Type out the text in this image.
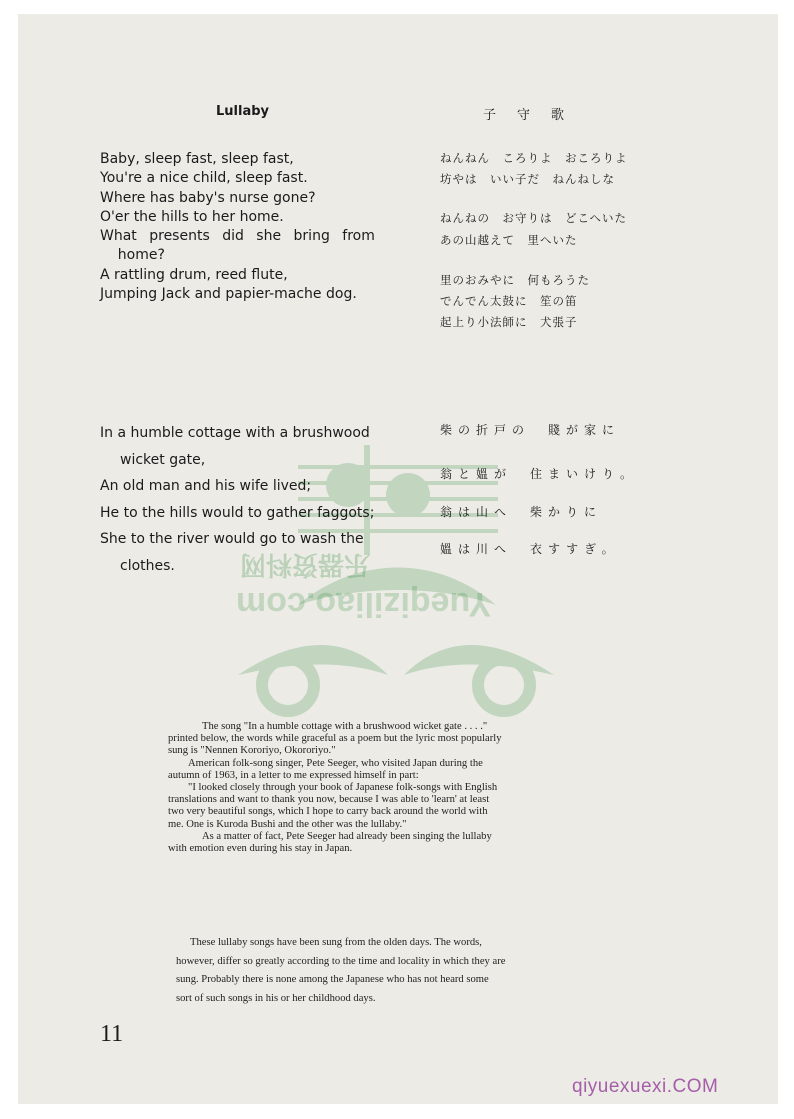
Lullaby	子　守　歌
Baby, sleep fast, sleep fast,
You're a nice child, sleep fast.
Where has baby's nurse gone?
O'er the hills to her home.
What presents did she bring from
home?
A rattling drum, reed flute,
Jumping Jack and papier-mache dog.
ねんねん　ころりよ　おころりよ
坊やは　いい子だ　ねんねしな
ねんねの　お守りは　どこへいた
あの山越えて　里へいた
里のおみやに　何もろうた
でんでん太鼓に　笙の笛
起上り小法師に　犬張子
乐器资料网
Yueqiziliao.com
In a humble cottage with a brushwood
wicket gate,
An old man and his wife lived;
He to the hills would to gather faggots;
She to the river would go to wash the
clothes.
柴の折戸の　賤が家に
翁と媼が　住まいけり。
翁は山へ　柴かりに
媼は川へ　衣すすぎ。
The song "In a humble cottage with a brushwood wicket gate . . . ."
printed below, the words while graceful as a poem but the lyric most popularly
sung is "Nennen Kororiyo, Okororiyo."
American folk-song singer, Pete Seeger, who visited Japan during the
autumn of 1963, in a letter to me expressed himself in part:
"I looked closely through your book of Japanese folk-songs with English
translations and want to thank you now, because I was able to 'learn' at least
two very beautiful songs, which I hope to carry back around the world with
me. One is Kuroda Bushi and the other was the lullaby."
As a matter of fact, Pete Seeger had already been singing the lullaby
with emotion even during his stay in Japan.
These lullaby songs have been sung from the olden days. The words,
however, differ so greatly according to the time and locality in which they are
sung. Probably there is none among the Japanese who has not heard some
sort of such songs in his or her childhood days.
11
qiyuexuexi.COM
